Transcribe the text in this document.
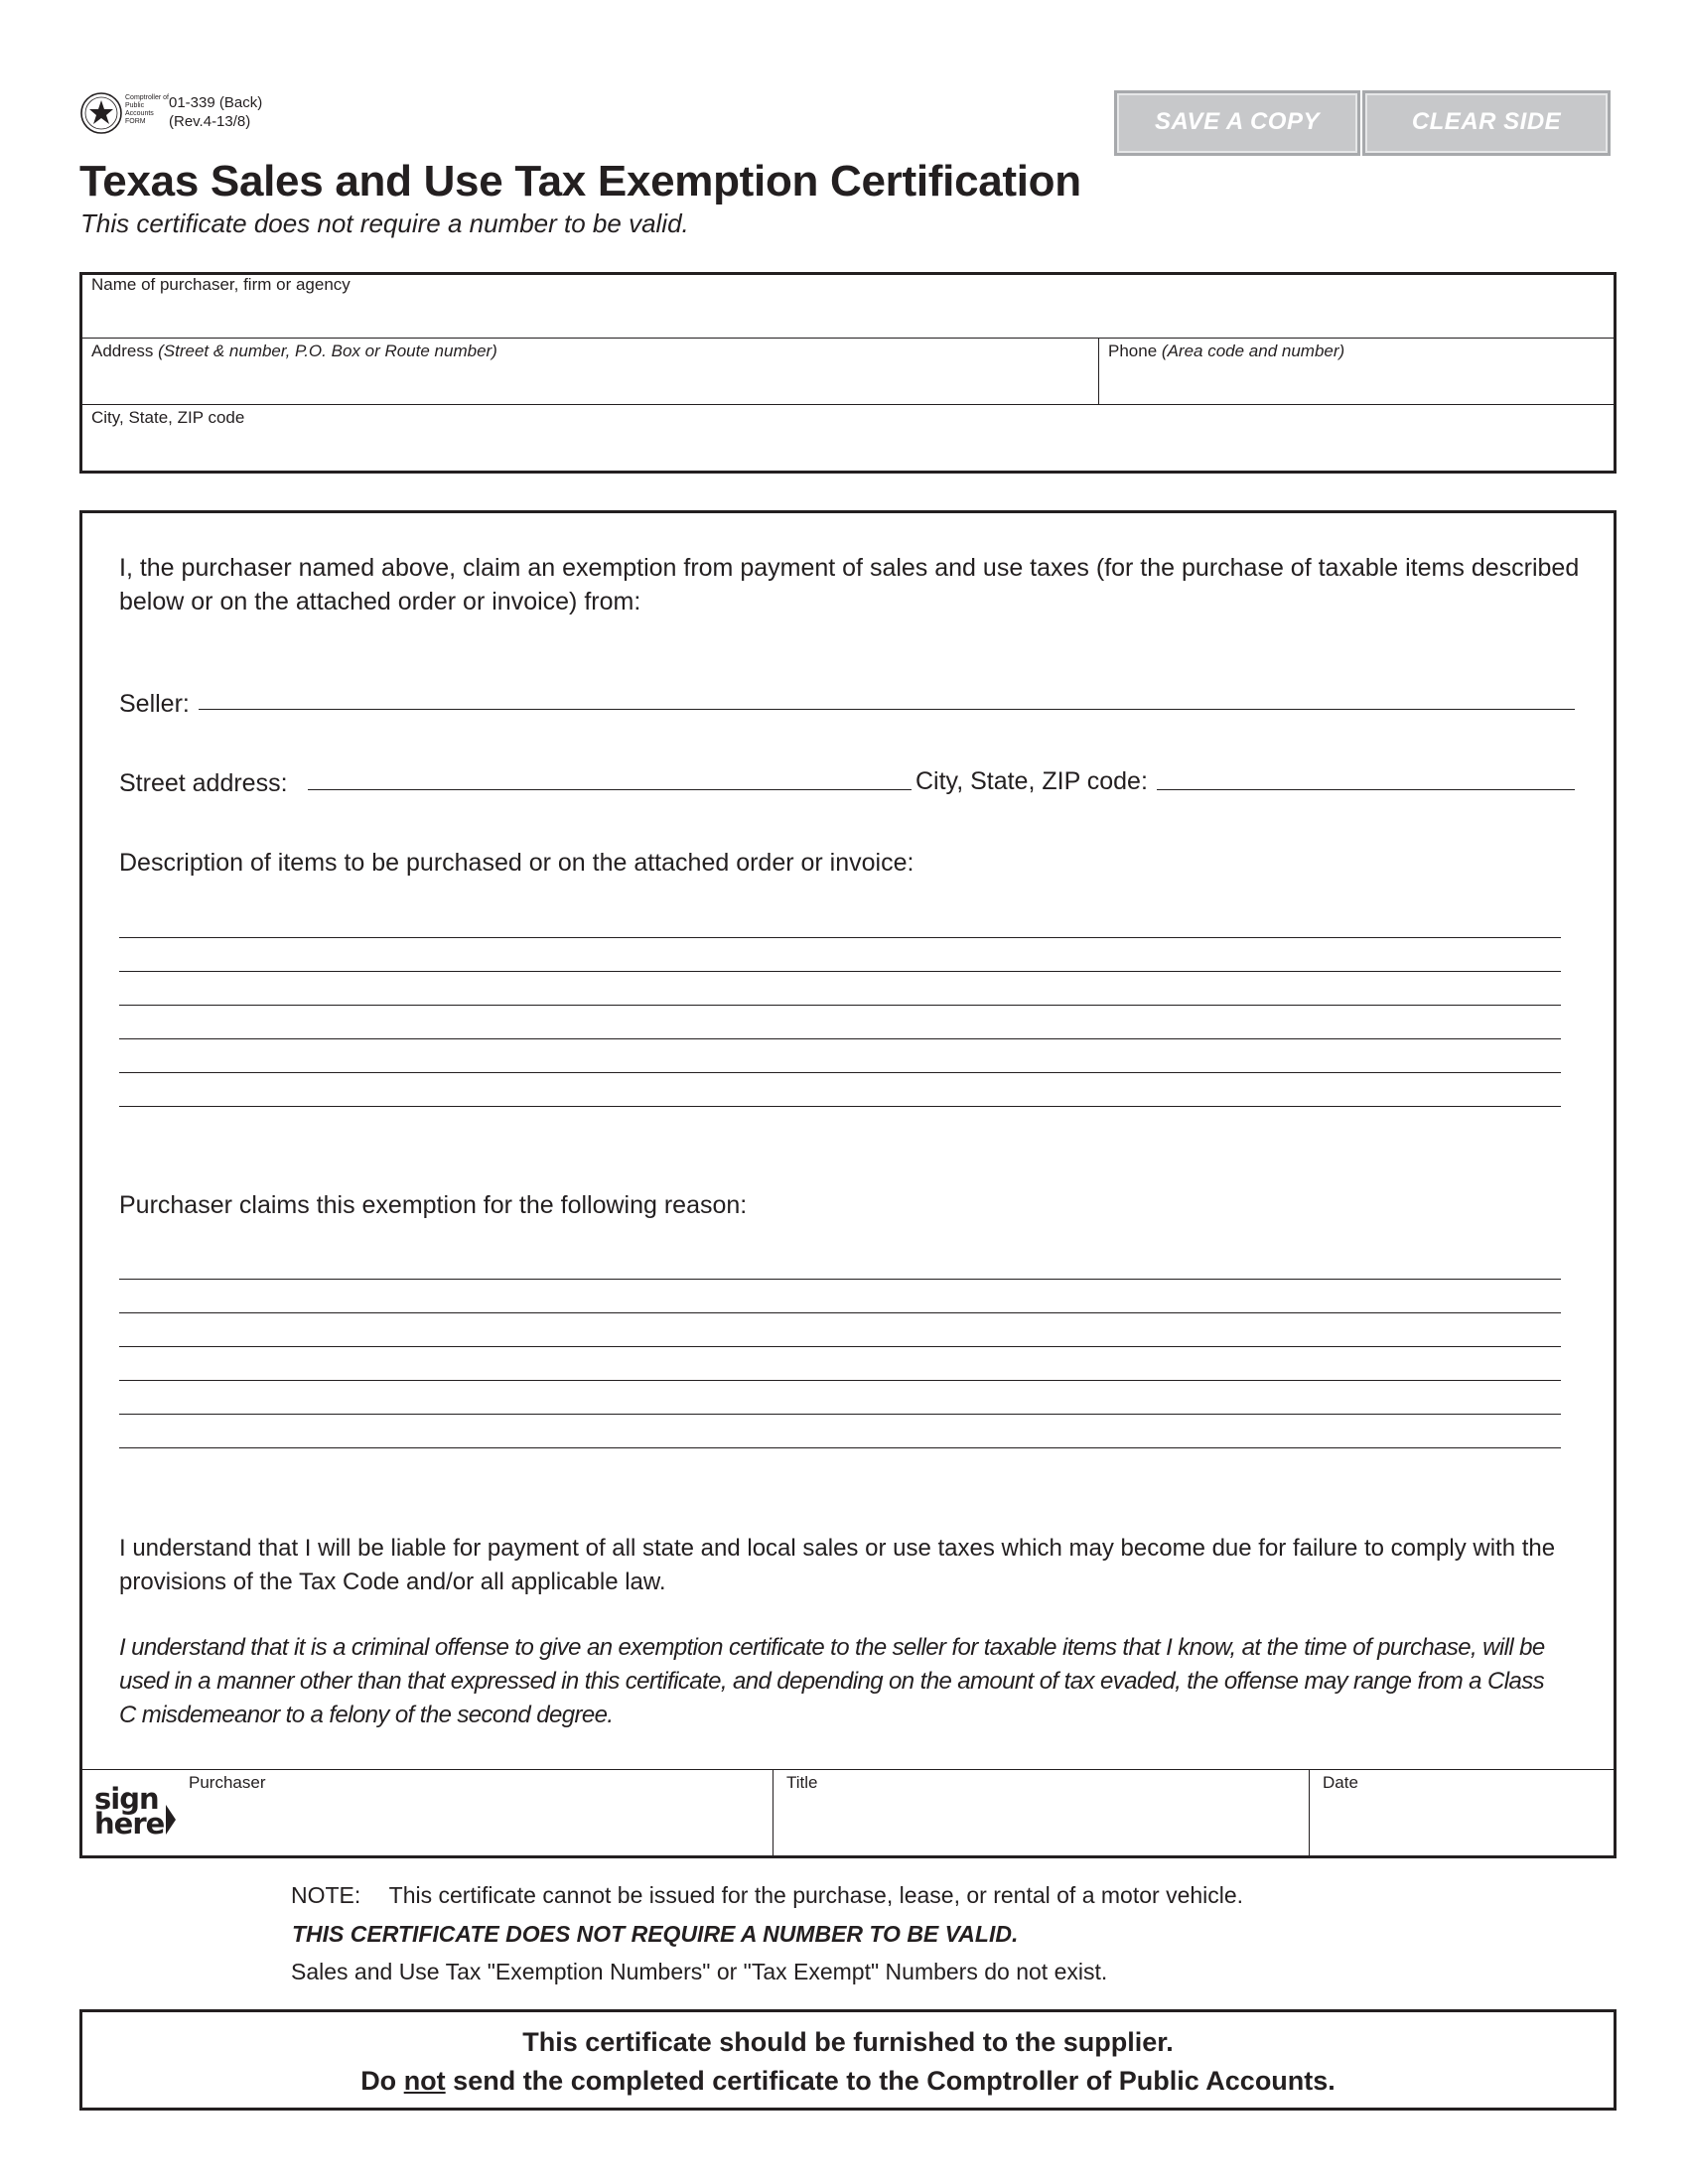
Comptroller of Public Accounts FORM
01-339 (Back)
(Rev.4-13/8)	SAVE A COPY	CLEAR SIDE
Texas Sales and Use Tax Exemption Certification
This certificate does not require a number to be valid.
Name of purchaser, firm or agency
Address (Street & number, P.O. Box or Route number)	Phone (Area code and number)
City, State, ZIP code
I, the purchaser named above, claim an exemption from payment of sales and use taxes (for the purchase of taxable items described below or on the attached order or invoice) from:
Seller:
Street address:	City, State, ZIP code:
Description of items to be purchased or on the attached order or invoice:
Purchaser claims this exemption for the following reason:
I understand that I will be liable for payment of all state and local sales or use taxes which may become due for failure to comply with the provisions of the Tax Code and/or all applicable law.
I understand that it is a criminal offense to give an exemption certificate to the seller for taxable items that I know, at the time of purchase, will be used in a manner other than that expressed in this certificate, and depending on the amount of tax evaded, the offense may range from a Class C misdemeanor to a felony of the second degree.
sign
here
Purchaser	Title	Date
NOTE: This certificate cannot be issued for the purchase, lease, or rental of a motor vehicle.
THIS CERTIFICATE DOES NOT REQUIRE A NUMBER TO BE VALID.
Sales and Use Tax "Exemption Numbers" or "Tax Exempt" Numbers do not exist.
This certificate should be furnished to the supplier.
Do not send the completed certificate to the Comptroller of Public Accounts.
